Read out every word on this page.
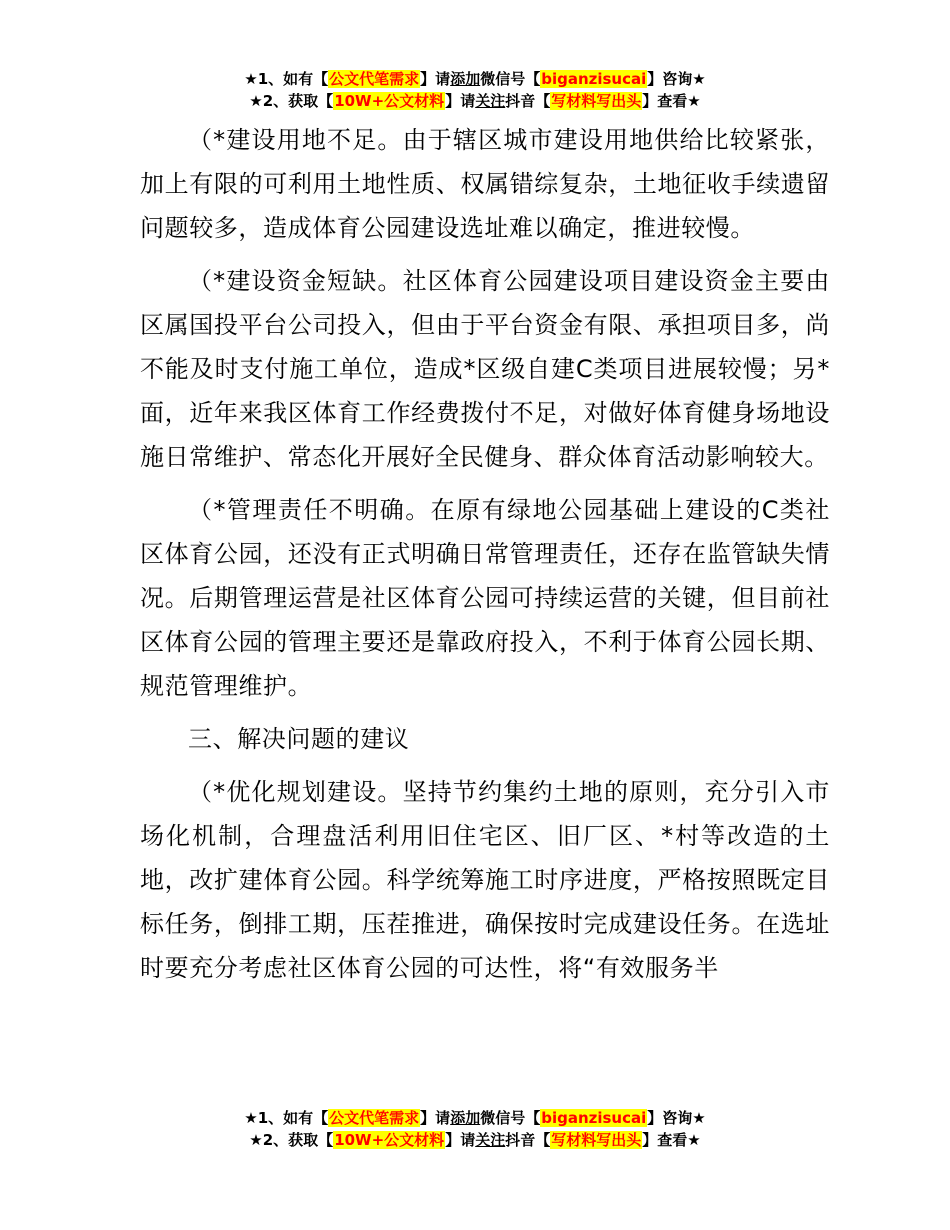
★1、如有【公文代笔需求】请添加微信号【biganzisucai】咨询★
★2、获取【10W+公文材料】请关注抖音【写材料写出头】查看★

（*建设用地不足。由于辖区城市建设用地供给比较紧张，加上有限的可利用土地性质、权属错综复杂，土地征收手续遗留问题较多，造成体育公园建设选址难以确定，推进较慢。

（*建设资金短缺。社区体育公园建设项目建设资金主要由区属国投平台公司投入，但由于平台资金有限、承担项目多，尚不能及时支付施工单位，造成*区级自建C类项目进展较慢；另*面，近年来我区体育工作经费拨付不足，对做好体育健身场地设施日常维护、常态化开展好全民健身、群众体育活动影响较大。

（*管理责任不明确。在原有绿地公园基础上建设的C类社区体育公园，还没有正式明确日常管理责任，还存在监管缺失情况。后期管理运营是社区体育公园可持续运营的关键，但目前社区体育公园的管理主要还是靠政府投入，不利于体育公园长期、规范管理维护。

三、解决问题的建议

（*优化规划建设。坚持节约集约土地的原则，充分引入市场化机制，合理盘活利用旧住宅区、旧厂区、*村等改造的土地，改扩建体育公园。科学统筹施工时序进度，严格按照既定目标任务，倒排工期，压茬推进，确保按时完成建设任务。在选址时要充分考虑社区体育公园的可达性，将“有效服务半

★1、如有【公文代笔需求】请添加微信号【biganzisucai】咨询★
★2、获取【10W+公文材料】请关注抖音【写材料写出头】查看★
